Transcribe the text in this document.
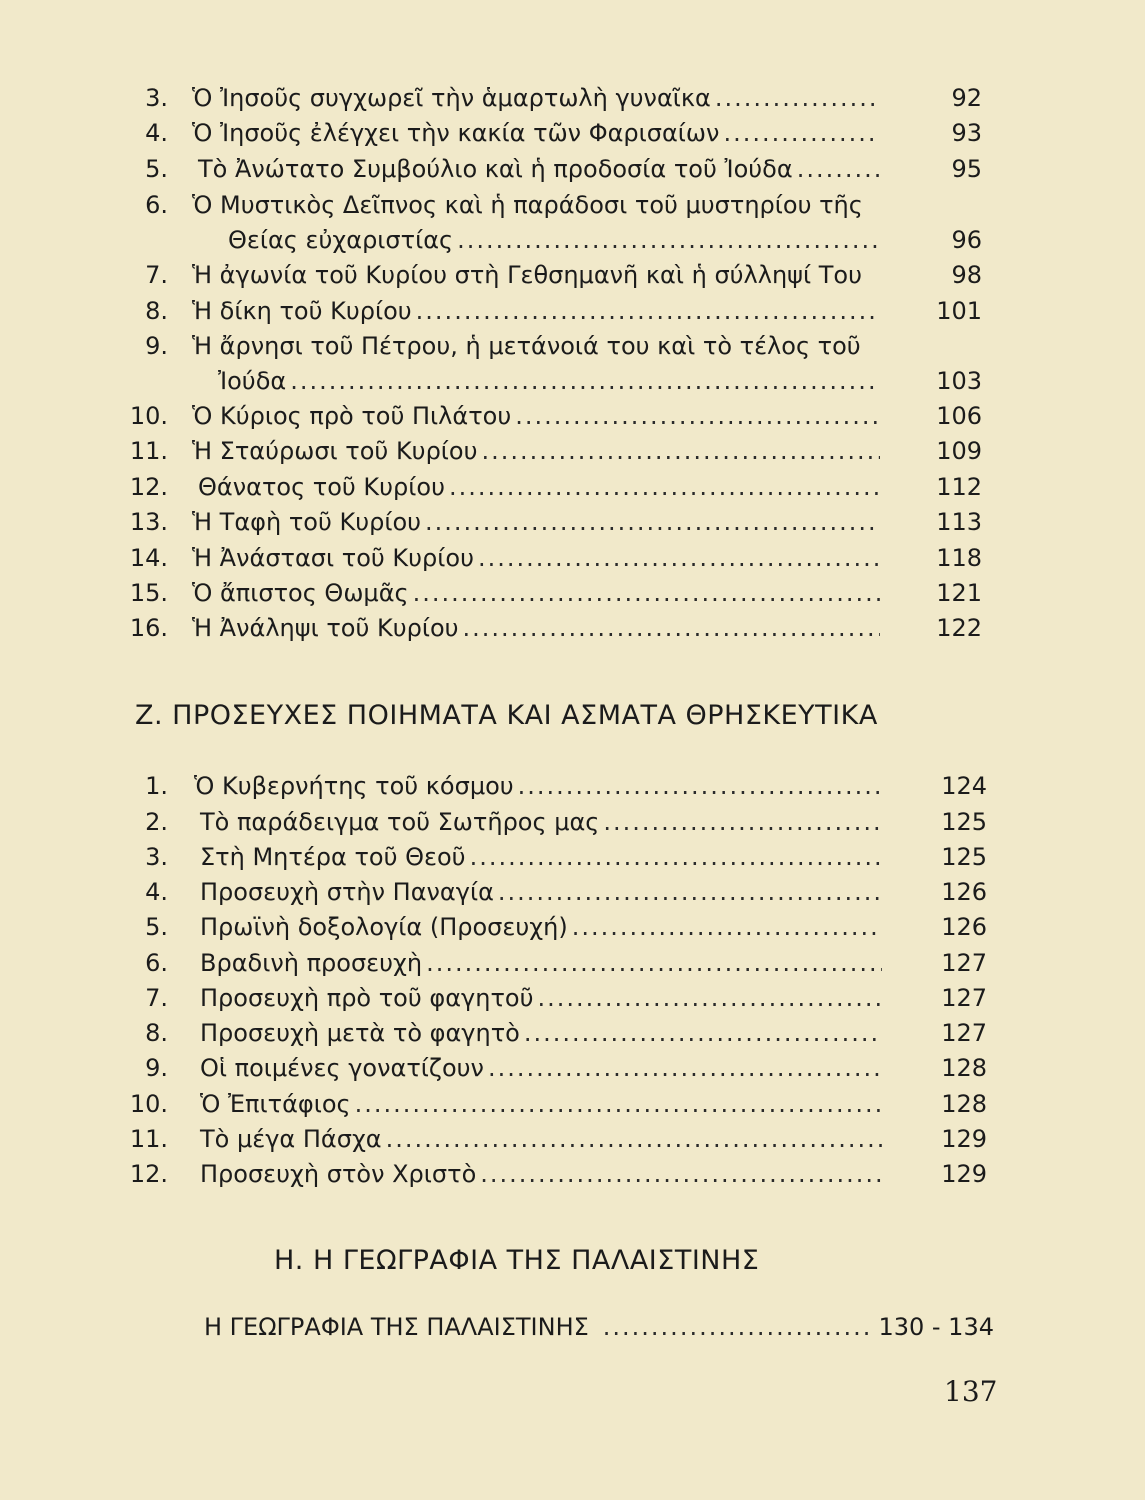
3. Ὁ Ἰησοῦς συγχωρεῖ τὴν ἁμαρτωλὴ γυναῖκα .....	92
4. Ὁ Ἰησοῦς ἐλέγχει τὴν κακία τῶν Φαρισαίων .....	93
5. Τὸ Ἀνώτατο Συμβούλιο καὶ ἡ προδοσία τοῦ Ἰούδα .....	95
6. Ὁ Μυστικὸς Δεῖπνος καὶ ἡ παράδοσι τοῦ μυστηρίου τῆς
Θείας εὐχαριστίας .....	96
7. Ἡ ἀγωνία τοῦ Κυρίου στὴ Γεθσημανῆ καὶ ἡ σύλληψί Του	98
8. Ἡ δίκη τοῦ Κυρίου .....	101
9. Ἡ ἄρνησι τοῦ Πέτρου, ἡ μετάνοιά του καὶ τὸ τέλος τοῦ
Ἰούδα .....	103
10. Ὁ Κύριος πρὸ τοῦ Πιλάτου .....	106
11. Ἡ Σταύρωσι τοῦ Κυρίου .....	109
12. Θάνατος τοῦ Κυρίου .....	112
13. Ἡ Ταφὴ τοῦ Κυρίου .....	113
14. Ἡ Ἀνάστασι τοῦ Κυρίου .....	118
15. Ὁ ἄπιστος Θωμᾶς .....	121
16. Ἡ Ἀνάληψι τοῦ Κυρίου .....	122
Ζ. ΠΡΟΣΕΥΧΕΣ ΠΟΙΗΜΑΤΑ ΚΑΙ ΑΣΜΑΤΑ ΘΡΗΣΚΕΥΤΙΚΑ
1. Ὁ Κυβερνήτης τοῦ κόσμου .....	124
2. Τὸ παράδειγμα τοῦ Σωτῆρος μας .....	125
3. Στὴ Μητέρα τοῦ Θεοῦ .....	125
4. Προσευχὴ στὴν Παναγία .....	126
5. Πρωϊνὴ δοξολογία (Προσευχή) .....	126
6. Βραδινὴ προσευχὴ .....	127
7. Προσευχὴ πρὸ τοῦ φαγητοῦ .....	127
8. Προσευχὴ μετὰ τὸ φαγητὸ .....	127
9. Οἱ ποιμένες γονατίζουν .....	128
10. Ὁ Ἐπιτάφιος .....	128
11. Τὸ μέγα Πάσχα .....	129
12. Προσευχὴ στὸν Χριστὸ .....	129
Η. Η ΓΕΩΓΡΑΦΙΑ ΤΗΣ ΠΑΛΑΙΣΤΙΝΗΣ
Η ΓΕΩΓΡΑΦΙΑ ΤΗΣ ΠΑΛΑΙΣΤΙΝΗΣ .....	130 - 134
137
